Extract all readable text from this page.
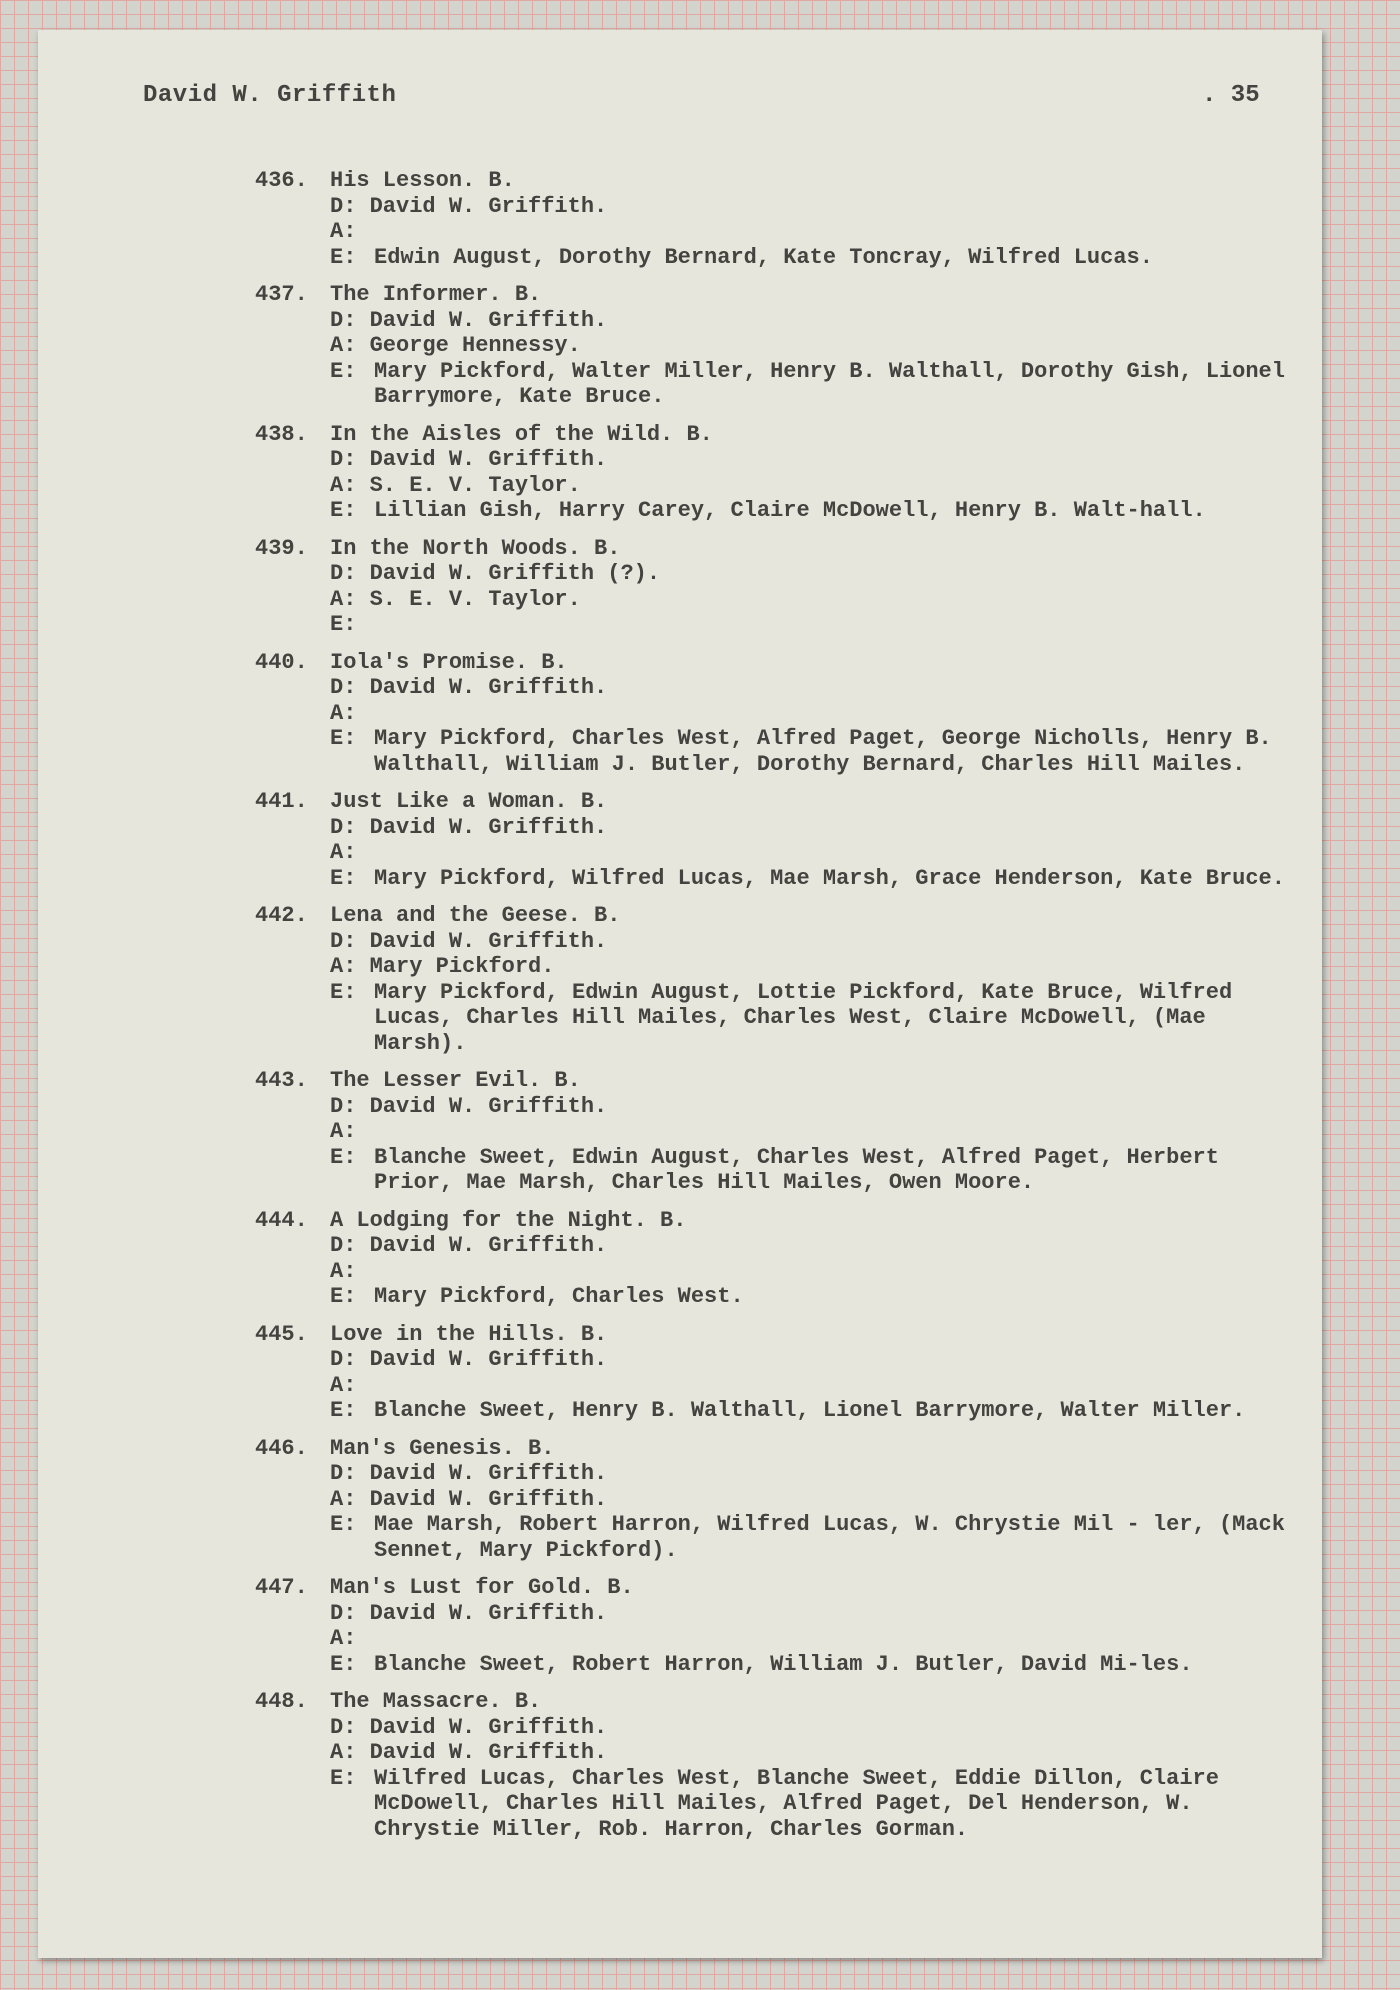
David W. Griffith	. 35
436.	His Lesson. B.
D: David W. Griffith.
A:
E: Edwin August, Dorothy Bernard, Kate Toncray, Wilfred Lucas.
437.	The Informer. B.
D: David W. Griffith.
A: George Hennessy.
E: Mary Pickford, Walter Miller, Henry B. Walthall, Dorothy Gish, Lionel Barrymore, Kate Bruce.
438.	In the Aisles of the Wild. B.
D: David W. Griffith.
A: S. E. V. Taylor.
E: Lillian Gish, Harry Carey, Claire McDowell, Henry B. Walt-hall.
439.	In the North Woods. B.
D: David W. Griffith (?).
A: S. E. V. Taylor.
E:
440.	Iola's Promise. B.
D: David W. Griffith.
A:
E: Mary Pickford, Charles West, Alfred Paget, George Nicholls, Henry B. Walthall, William J. Butler, Dorothy Bernard, Charles Hill Mailes.
441.	Just Like a Woman. B.
D: David W. Griffith.
A:
E: Mary Pickford, Wilfred Lucas, Mae Marsh, Grace Henderson, Kate Bruce.
442.	Lena and the Geese. B.
D: David W. Griffith.
A: Mary Pickford.
E: Mary Pickford, Edwin August, Lottie Pickford, Kate Bruce, Wilfred Lucas, Charles Hill Mailes, Charles West, Claire McDowell, (Mae Marsh).
443.	The Lesser Evil. B.
D: David W. Griffith.
A:
E: Blanche Sweet, Edwin August, Charles West, Alfred Paget, Herbert Prior, Mae Marsh, Charles Hill Mailes, Owen Moore.
444.	A Lodging for the Night. B.
D: David W. Griffith.
A:
E: Mary Pickford, Charles West.
445.	Love in the Hills. B.
D: David W. Griffith.
A:
E: Blanche Sweet, Henry B. Walthall, Lionel Barrymore, Walter Miller.
446.	Man's Genesis. B.
D: David W. Griffith.
A: David W. Griffith.
E: Mae Marsh, Robert Harron, Wilfred Lucas, W. Chrystie Mil - ler, (Mack Sennet, Mary Pickford).
447.	Man's Lust for Gold. B.
D: David W. Griffith.
A:
E: Blanche Sweet, Robert Harron, William J. Butler, David Mi-les.
448.	The Massacre. B.
D: David W. Griffith.
A: David W. Griffith.
E: Wilfred Lucas, Charles West, Blanche Sweet, Eddie Dillon, Claire McDowell, Charles Hill Mailes, Alfred Paget, Del Henderson, W. Chrystie Miller, Rob. Harron, Charles Gorman.
